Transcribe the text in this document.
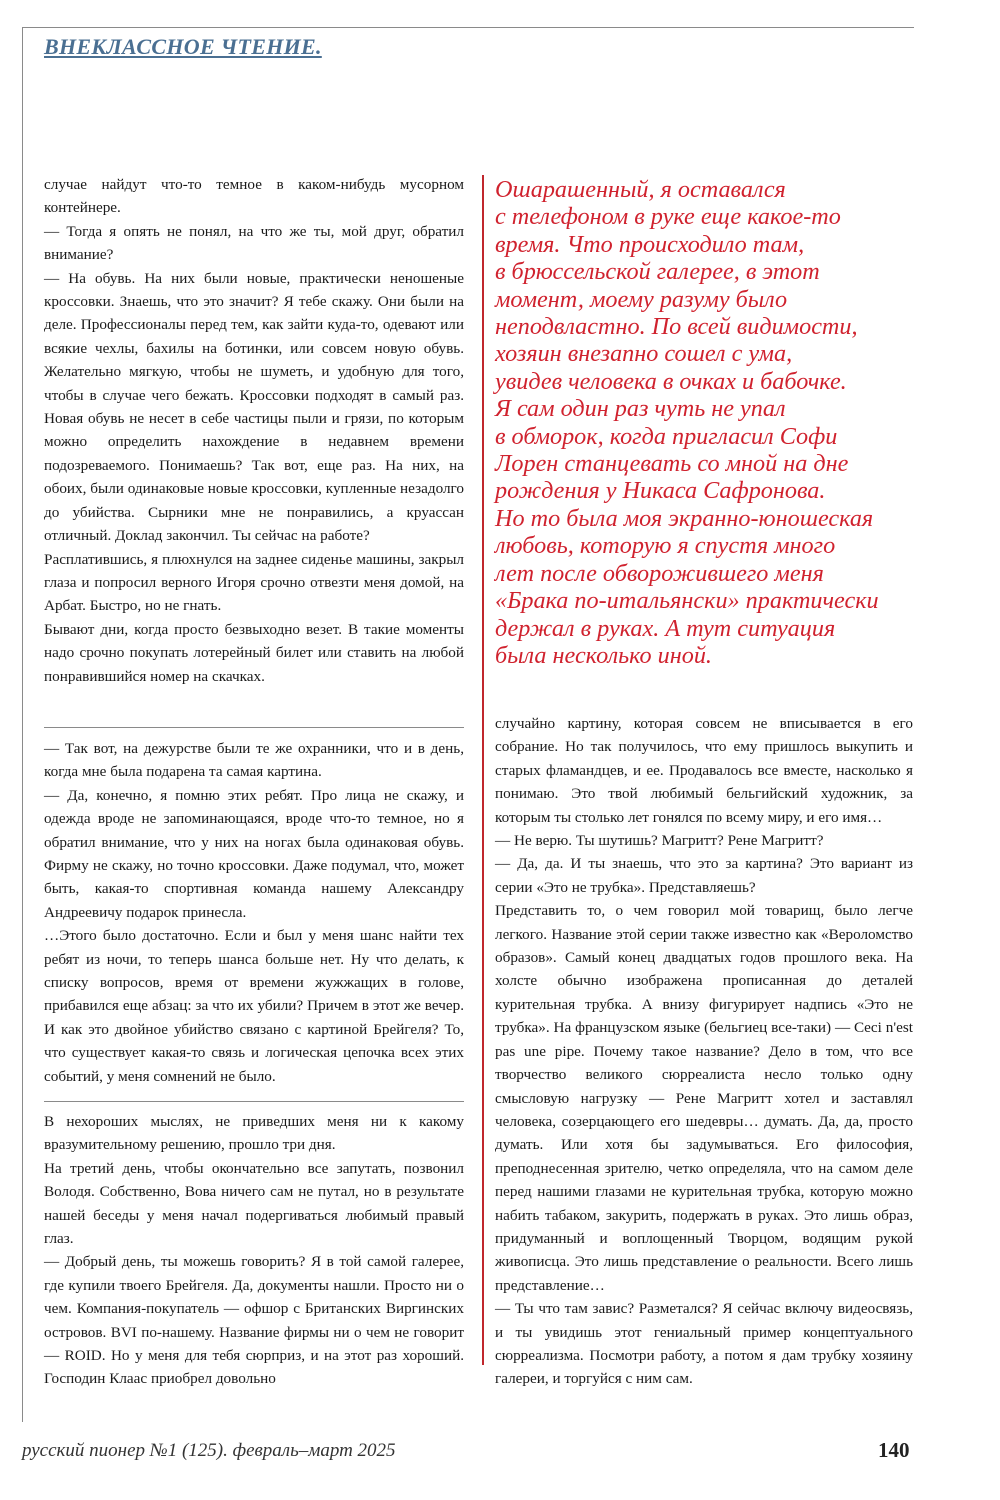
ВНЕКЛАССНОЕ ЧТЕНИЕ.

случае найдут что-то темное в каком-нибудь мусорном контейнере.

— Тогда я опять не понял, на что же ты, мой друг, обратил внимание?

— На обувь. На них были новые, практически неношеные кроссовки. Знаешь, что это значит? Я тебе скажу. Они были на деле. Профессионалы перед тем, как зайти куда-то, одевают или всякие чехлы, бахилы на ботинки, или совсем новую обувь. Желательно мягкую, чтобы не шуметь, и удобную для того, чтобы в случае чего бежать. Кроссовки подходят в самый раз. Новая обувь не несет в себе частицы пыли и грязи, по которым можно определить нахождение в недавнем времени подозреваемого. Понимаешь? Так вот, еще раз. На них, на обоих, были одинаковые новые кроссовки, купленные незадолго до убийства. Сырники мне не понравились, а круассан отличный. Доклад закончил. Ты сейчас на работе?

Расплатившись, я плюхнулся на заднее сиденье машины, закрыл глаза и попросил верного Игоря срочно отвезти меня домой, на Арбат. Быстро, но не гнать.

Бывают дни, когда просто безвыходно везет. В такие моменты надо срочно покупать лотерейный билет или ставить на любой понравившийся номер на скачках.

— Так вот, на дежурстве были те же охранники, что и в день, когда мне была подарена та самая картина.

— Да, конечно, я помню этих ребят. Про лица не скажу, и одежда вроде не запоминающаяся, вроде что-то темное, но я обратил внимание, что у них на ногах была одинаковая обувь. Фирму не скажу, но точно кроссовки. Даже подумал, что, может быть, какая-то спортивная команда нашему Александру Андреевичу подарок принесла.

…Этого было достаточно. Если и был у меня шанс найти тех ребят из ночи, то теперь шанса больше нет. Ну что делать, к списку вопросов, время от времени жужжащих в голове, прибавился еще абзац: за что их убили? Причем в этот же вечер. И как это двойное убийство связано с картиной Брейгеля? То, что существует какая-то связь и логическая цепочка всех этих событий, у меня сомнений не было.

В нехороших мыслях, не приведших меня ни к какому вразумительному решению, прошло три дня.

На третий день, чтобы окончательно все запутать, позвонил Володя. Собственно, Вова ничего сам не путал, но в результате нашей беседы у меня начал подергиваться любимый правый глаз.

— Добрый день, ты можешь говорить? Я в той самой галерее, где купили твоего Брейгеля. Да, документы нашли. Просто ни о чем. Компания-покупатель — офшор с Британских Виргинских островов. BVI по-нашему. Название фирмы ни о чем не говорит — ROID. Но у меня для тебя сюрприз, и на этот раз хороший. Господин Клаас приобрел довольно

Ошарашенный, я оставался
с телефоном в руке еще какое-то
время. Что происходило там,
в брюссельской галерее, в этот
момент, моему разуму было
неподвластно. По всей видимости,
хозяин внезапно сошел с ума,
увидев человека в очках и бабочке.
Я сам один раз чуть не упал
в обморок, когда пригласил Софи
Лорен станцевать со мной на дне
рождения у Никаса Сафронова.
Но то была моя экранно-юношеская
любовь, которую я спустя много
лет после обворожившего меня
«Брака по-итальянски» практически
держал в руках. А тут ситуация
была несколько иной.

случайно картину, которая совсем не вписывается в его собрание. Но так получилось, что ему пришлось выкупить и старых фламандцев, и ее. Продавалось все вместе, насколько я понимаю. Это твой любимый бельгийский художник, за которым ты столько лет гонялся по всему миру, и его имя…

— Не верю. Ты шутишь? Магритт? Рене Магритт?

— Да, да. И ты знаешь, что это за картина? Это вариант из серии «Это не трубка». Представляешь?

Представить то, о чем говорил мой товарищ, было легче легкого. Название этой серии также известно как «Вероломство образов». Самый конец двадцатых годов прошлого века. На холсте обычно изображена прописанная до деталей курительная трубка. А внизу фигурирует надпись «Это не трубка». На французском языке (бельгиец все-таки) — Ceci n'est pas une pipe. Почему такое название? Дело в том, что все творчество великого сюрреалиста несло только одну смысловую нагрузку — Рене Магритт хотел и заставлял человека, созерцающего его шедевры… думать. Да, да, просто думать. Или хотя бы задумываться. Его философия, преподнесенная зрителю, четко определяла, что на самом деле перед нашими глазами не курительная трубка, которую можно набить табаком, закурить, подержать в руках. Это лишь образ, придуманный и воплощенный Творцом, водящим рукой живописца. Это лишь представление о реальности. Всего лишь представление…

— Ты что там завис? Разметался? Я сейчас включу видеосвязь, и ты увидишь этот гениальный пример концептуального сюрреализма. Посмотри работу, а потом я дам трубку хозяину галереи, и торгуйся с ним сам.

русский пионер №1 (125). февраль–март 2025	140
